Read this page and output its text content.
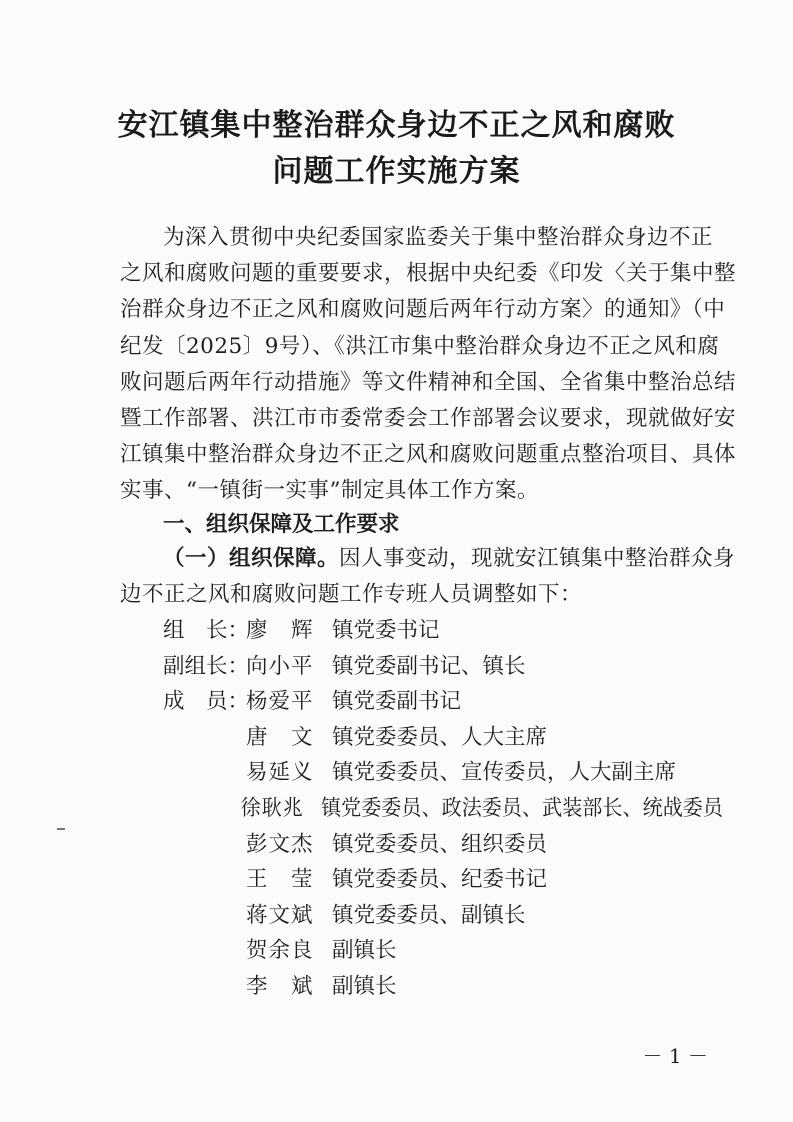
安江镇集中整治群众身边不正之风和腐败
问题工作实施方案
为深入贯彻中央纪委国家监委关于集中整治群众身边不正
之风和腐败问题的重要要求，根据中央纪委《印发〈关于集中整
治群众身边不正之风和腐败问题后两年行动方案〉的通知》（中
纪发〔2025〕9号）、《洪江市集中整治群众身边不正之风和腐
败问题后两年行动措施》等文件精神和全国、全省集中整治总结
暨工作部署、洪江市市委常委会工作部署会议要求，现就做好安
江镇集中整治群众身边不正之风和腐败问题重点整治项目、具体
实事、“一镇街一实事”制定具体工作方案。
一、组织保障及工作要求
（一）组织保障。因人事变动，现就安江镇集中整治群众身
边不正之风和腐败问题工作专班人员调整如下：
组　长：廖　辉 镇党委书记
副组长：向小平 镇党委副书记、镇长
成　员：杨爱平 镇党委副书记
唐　文 镇党委委员、人大主席
易延义 镇党委委员、宣传委员，人大副主席
徐耿兆 镇党委委员、政法委员、武装部长、统战委员
彭文杰 镇党委委员、组织委员
王　莹 镇党委委员、纪委书记
蒋文斌 镇党委委员、副镇长
贺余良 副镇长
李　斌 副镇长
－ 1 －
